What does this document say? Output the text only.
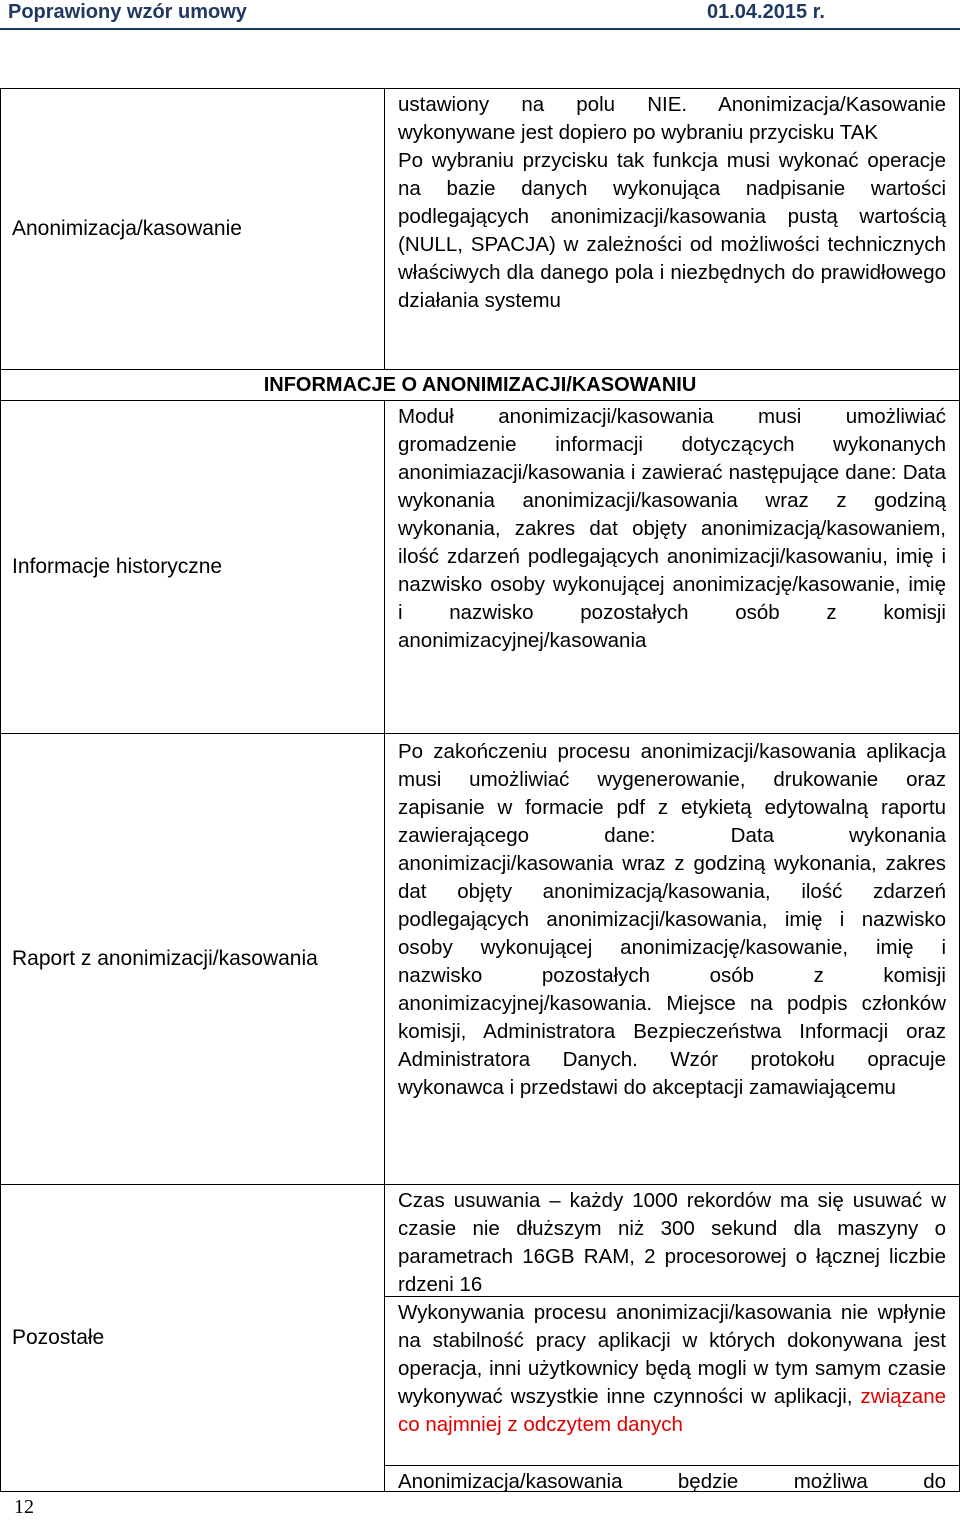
Poprawiony wzór umowy	01.04.2015 r.
Anonimizacja/kasowanie

ustawiony na polu NIE. Anonimizacja/Kasowanie wykonywane jest dopiero po wybraniu przycisku TAK

Po wybraniu przycisku tak funkcja musi wykonać operacje na bazie danych wykonująca nadpisanie wartości podlegających anonimizacji/kasowania pustą wartością (NULL, SPACJA) w zależności od możliwości technicznych właściwych dla danego pola i niezbędnych do prawidłowego działania systemu

INFORMACJE O ANONIMIZACJI/KASOWANIU
Informacje historyczne

Moduł anonimizacji/kasowania musi umożliwiać gromadzenie informacji dotyczących wykonanych anonimiazacji/kasowania i zawierać następujące dane: Data wykonania anonimizacji/kasowania wraz z godziną wykonania, zakres dat objęty anonimizacją/kasowaniem, ilość zdarzeń podlegających anonimizacji/kasowaniu, imię i nazwisko osoby wykonującej anonimizację/kasowanie, imię i nazwisko pozostałych osób z komisji anonimizacyjnej/kasowania

Raport z anonimizacji/kasowania

Po zakończeniu procesu anonimizacji/kasowania aplikacja musi umożliwiać wygenerowanie, drukowanie oraz zapisanie w formacie pdf z etykietą edytowalną raportu zawierającego dane: Data wykonania anonimizacji/kasowania wraz z godziną wykonania, zakres dat objęty anonimizacją/kasowania, ilość zdarzeń podlegających anonimizacji/kasowania, imię i nazwisko osoby wykonującej anonimizację/kasowanie, imię i nazwisko pozostałych osób z komisji anonimizacyjnej/kasowania. Miejsce na podpis członków komisji, Administratora Bezpieczeństwa Informacji oraz Administratora Danych. Wzór protokołu opracuje wykonawca i przedstawi do akceptacji zamawiającemu

Pozostałe

Czas usuwania – każdy 1000 rekordów ma się usuwać w czasie nie dłuższym niż 300 sekund dla maszyny o parametrach 16GB RAM, 2 procesorowej o łącznej liczbie rdzeni 16

Wykonywania procesu anonimizacji/kasowania nie wpłynie na stabilność pracy aplikacji w których dokonywana jest operacja, inni użytkownicy będą mogli w tym samym czasie wykonywać wszystkie inne czynności w aplikacji, związane co najmniej z odczytem danych

Anonimizacja/kasowania będzie możliwa do

12
